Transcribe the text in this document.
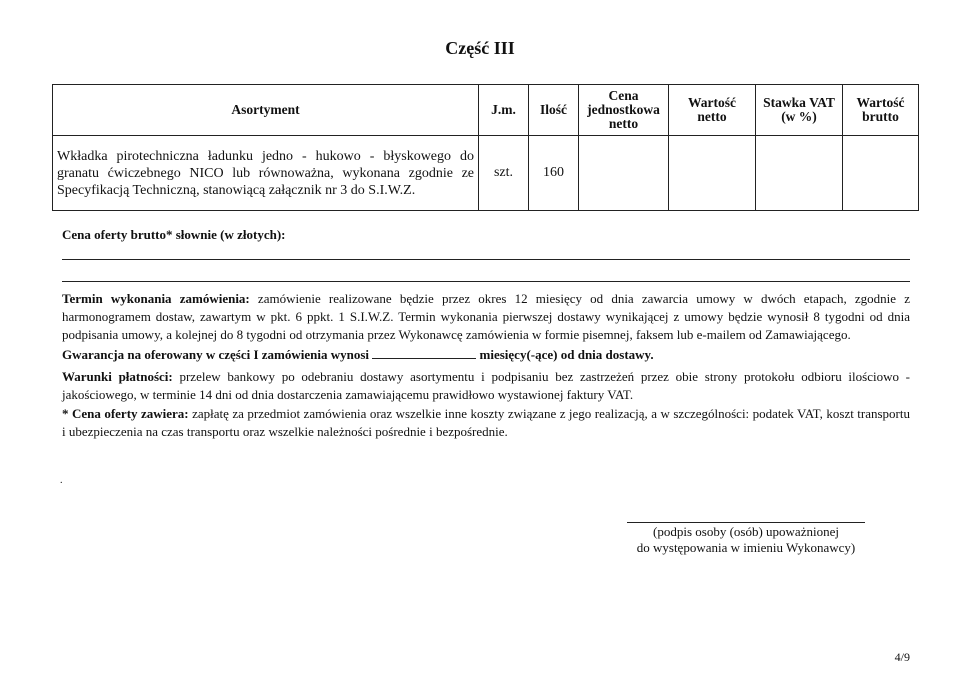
Część III
Asortyment	J.m.	Ilość	Cena jednostkowa netto	Wartość netto	Stawka VAT (w %)	Wartość brutto
Wkładka pirotechniczna ładunku jedno - hukowo - błyskowego do granatu ćwiczebnego NICO lub równoważna, wykonana zgodnie ze Specyfikacją Techniczną, stanowiącą załącznik nr 3 do S.I.W.Z.	szt.	160				
Cena oferty brutto* słownie (w złotych):
Termin wykonania zamówienia: zamówienie realizowane będzie przez okres 12 miesięcy od dnia zawarcia umowy w dwóch etapach, zgodnie z harmonogramem dostaw, zawartym w pkt. 6 ppkt. 1 S.I.W.Z. Termin wykonania pierwszej dostawy wynikającej z umowy będzie wynosił 8 tygodni od dnia podpisania umowy, a kolejnej do 8 tygodni od otrzymania przez Wykonawcę zamówienia w formie pisemnej, faksem lub e-mailem od Zamawiającego.
Gwarancja na oferowany w części I zamówienia wynosi	miesięcy(-ące) od dnia dostawy.
Warunki płatności: przelew bankowy po odebraniu dostawy asortymentu i podpisaniu bez zastrzeżeń przez obie strony protokołu odbioru ilościowo - jakościowego, w terminie 14 dni od dnia dostarczenia zamawiającemu prawidłowo wystawionej faktury VAT.
* Cena oferty zawiera: zapłatę za przedmiot zamówienia oraz wszelkie inne koszty związane z jego realizacją, a w szczególności: podatek VAT, koszt transportu i ubezpieczenia na czas transportu oraz wszelkie należności pośrednie i bezpośrednie.
.
(podpis osoby (osób) upoważnionej
do występowania w imieniu Wykonawcy)
4/9
